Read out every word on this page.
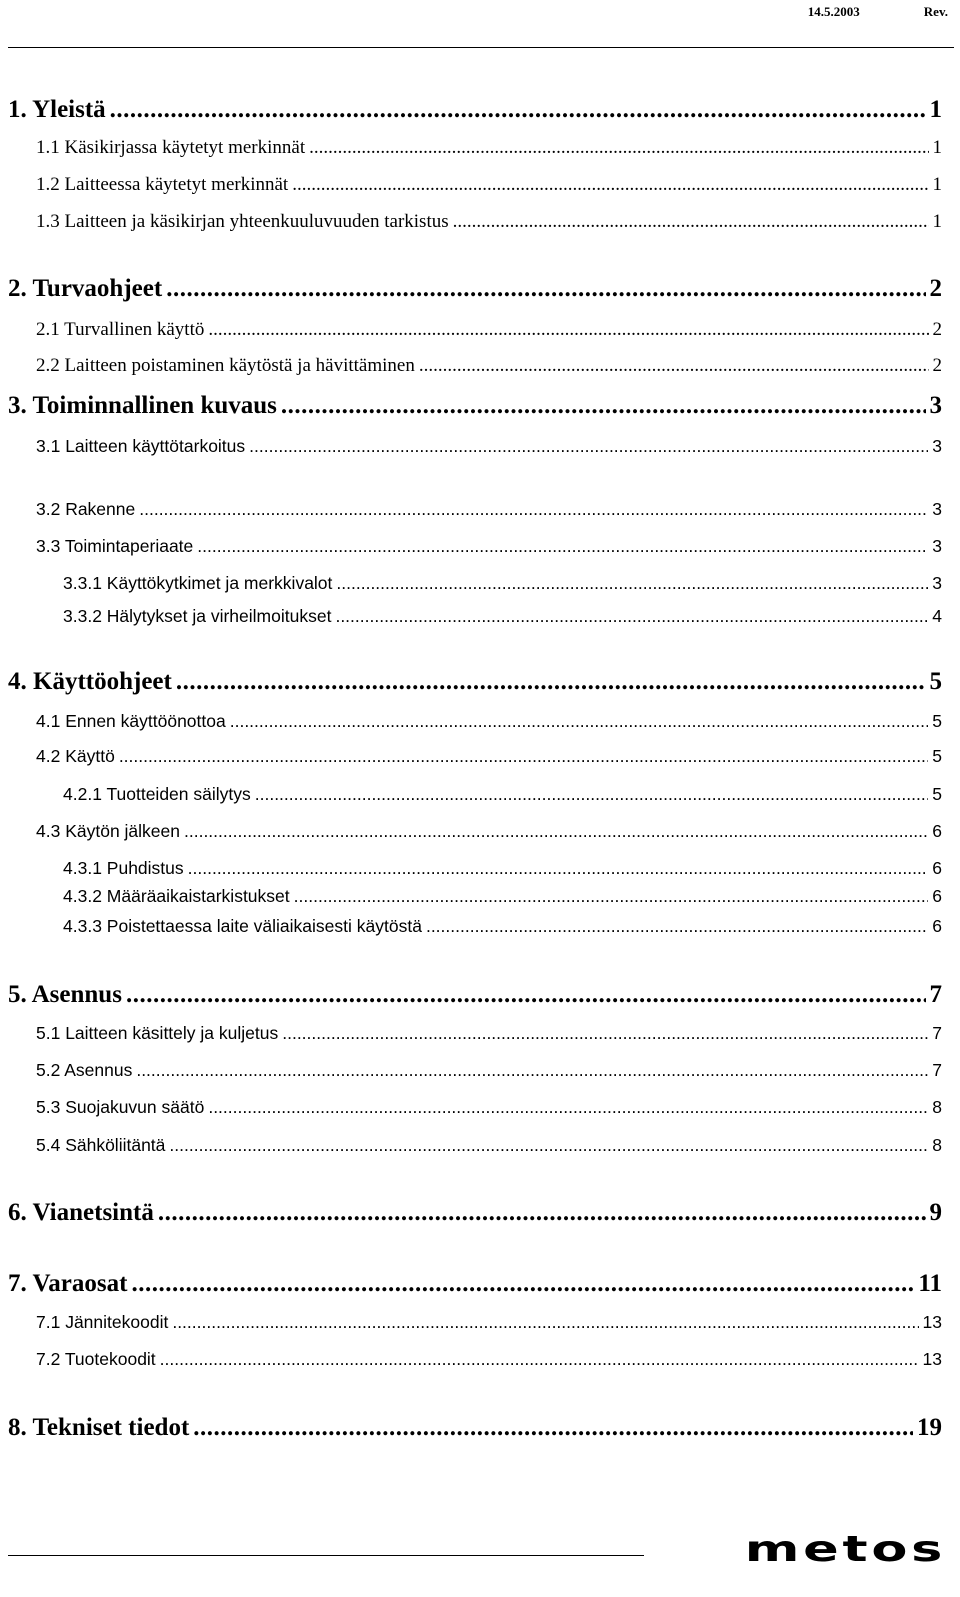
14.5.2003	Rev.
1. Yleistä .....	1
1.1 Käsikirjassa käytetyt merkinnät .....	1
1.2 Laitteessa käytetyt merkinnät .....	1
1.3 Laitteen ja käsikirjan yhteenkuuluvuuden tarkistus .....	1
2. Turvaohjeet .....	2
2.1 Turvallinen käyttö .....	2
2.2 Laitteen poistaminen käytöstä ja hävittäminen .....	2
3. Toiminnallinen kuvaus .....	3
3.1 Laitteen käyttötarkoitus .....	3
3.2 Rakenne .....	3
3.3 Toimintaperiaate .....	3
3.3.1 Käyttökytkimet ja merkkivalot .....	3
3.3.2 Hälytykset ja virheilmoitukset .....	4
4. Käyttöohjeet .....	5
4.1 Ennen käyttöönottoa .....	5
4.2 Käyttö .....	5
4.2.1 Tuotteiden säilytys .....	5
4.3 Käytön jälkeen .....	6
4.3.1 Puhdistus .....	6
4.3.2 Määräaikaistarkistukset .....	6
4.3.3 Poistettaessa laite väliaikaisesti käytöstä .....	6
5. Asennus .....	7
5.1 Laitteen käsittely ja kuljetus .....	7
5.2 Asennus .....	7
5.3 Suojakuvun säätö .....	8
5.4 Sähköliitäntä .....	8
6. Vianetsintä .....	9
7. Varaosat .....	11
7.1 Jännitekoodit .....	13
7.2 Tuotekoodit .....	13
8. Tekniset tiedot .....	19
metos
